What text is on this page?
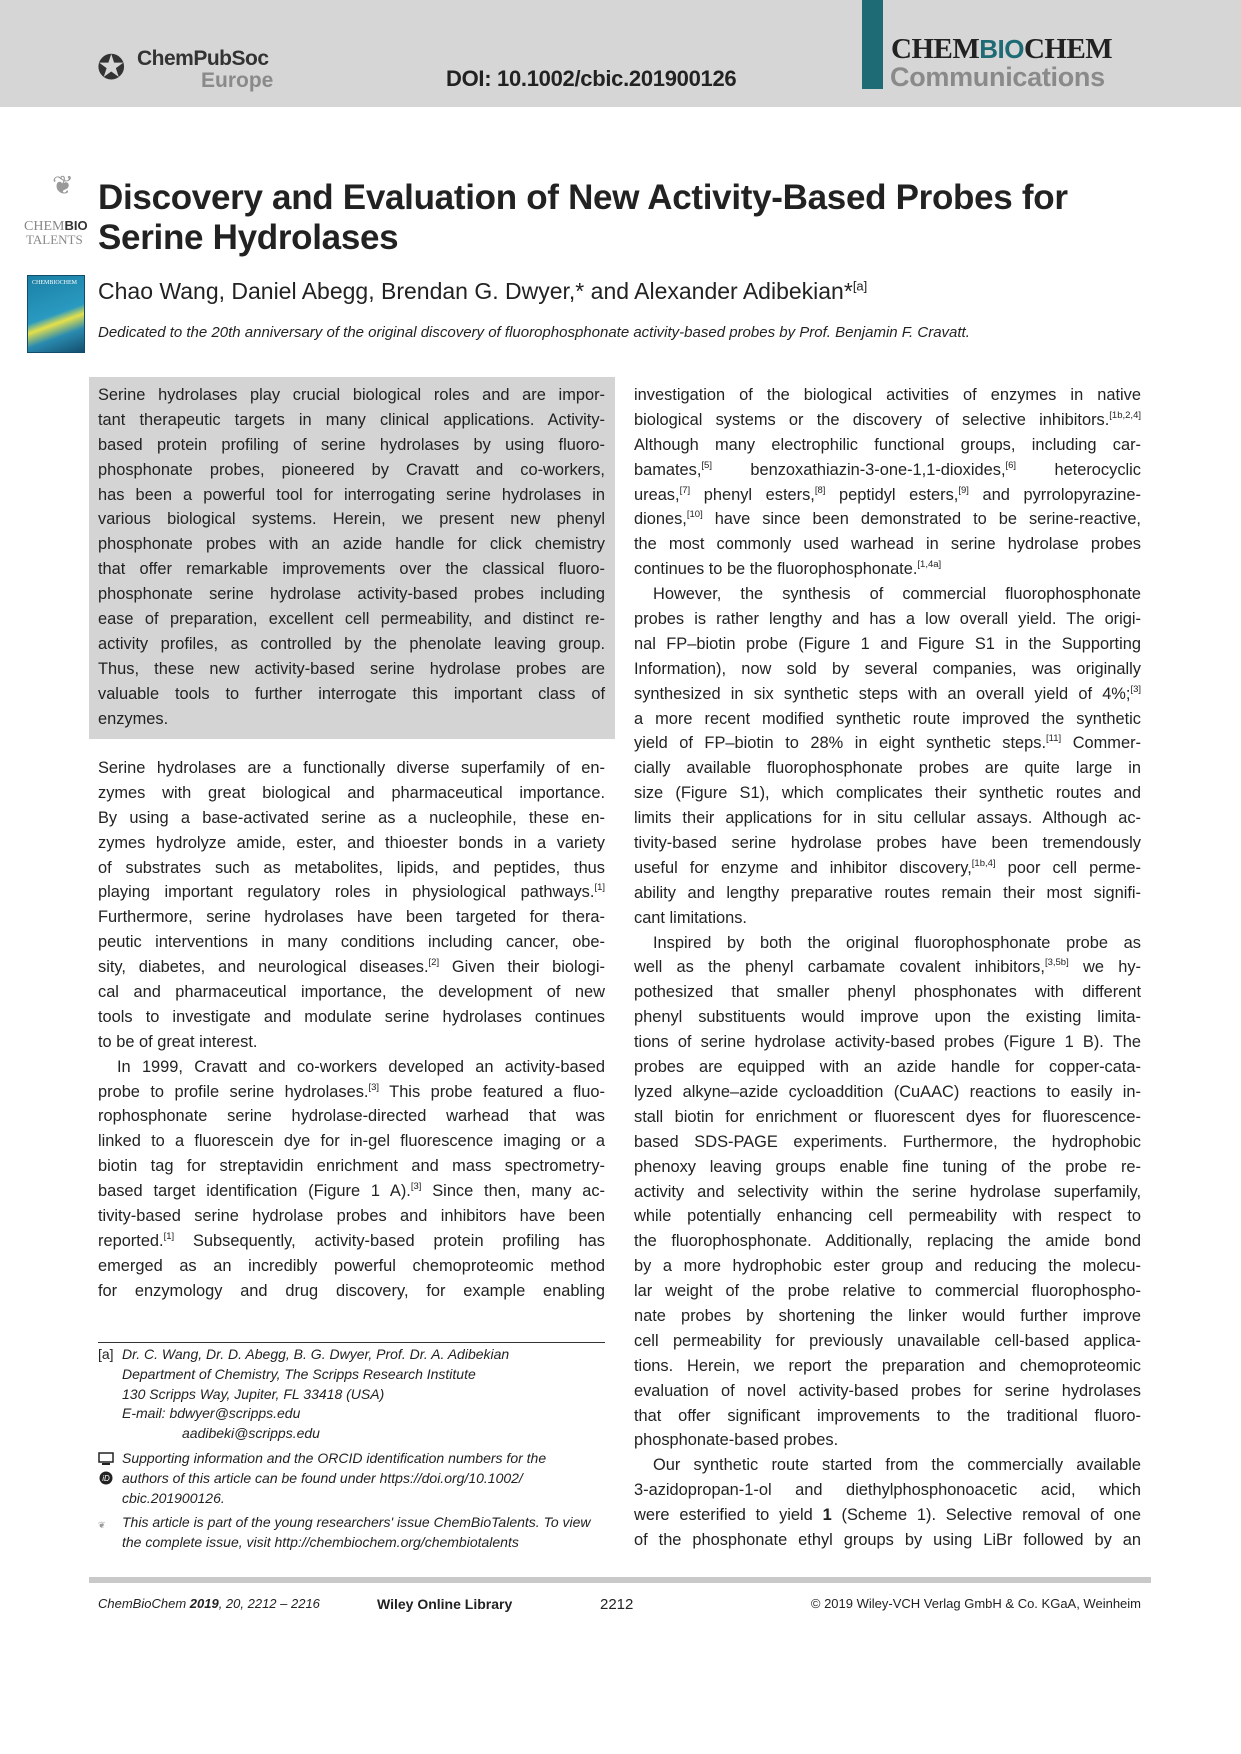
✪ ChemPubSoc
Europe	DOI: 10.1002/cbic.201900126
CHEMBIOCHEM
Communications
❦
CHEMBIO
TALENTS
Discovery and Evaluation of New Activity-Based Probes for
Serine Hydrolases
CHEMBIOCHEM Chao Wang, Daniel Abegg, Brendan G. Dwyer,* and Alexander Adibekian*[a]
Dedicated to the 20th anniversary of the original discovery of fluorophosphonate activity-based probes by Prof. Benjamin F. Cravatt.
Serine hydrolases play crucial biological roles and are impor-
tant therapeutic targets in many clinical applications. Activity-
based protein profiling of serine hydrolases by using fluoro-
phosphonate probes, pioneered by Cravatt and co-workers,
has been a powerful tool for interrogating serine hydrolases in
various biological systems. Herein, we present new phenyl
phosphonate probes with an azide handle for click chemistry
that offer remarkable improvements over the classical fluoro-
phosphonate serine hydrolase activity-based probes including
ease of preparation, excellent cell permeability, and distinct re-
activity profiles, as controlled by the phenolate leaving group.
Thus, these new activity-based serine hydrolase probes are
valuable tools to further interrogate this important class of
enzymes.
Serine hydrolases are a functionally diverse superfamily of en-
zymes with great biological and pharmaceutical importance.
By using a base-activated serine as a nucleophile, these en-
zymes hydrolyze amide, ester, and thioester bonds in a variety
of substrates such as metabolites, lipids, and peptides, thus
playing important regulatory roles in physiological pathways.[1]
Furthermore, serine hydrolases have been targeted for thera-
peutic interventions in many conditions including cancer, obe-
sity, diabetes, and neurological diseases.[2] Given their biologi-
cal and pharmaceutical importance, the development of new
tools to investigate and modulate serine hydrolases continues
to be of great interest.
In 1999, Cravatt and co-workers developed an activity-based
probe to profile serine hydrolases.[3] This probe featured a fluo-
rophosphonate serine hydrolase-directed warhead that was
linked to a fluorescein dye for in-gel fluorescence imaging or a
biotin tag for streptavidin enrichment and mass spectrometry-
based target identification (Figure 1 A).[3] Since then, many ac-
tivity-based serine hydrolase probes and inhibitors have been
reported.[1] Subsequently, activity-based protein profiling has
emerged as an incredibly powerful chemoproteomic method
for enzymology and drug discovery, for example enabling
investigation of the biological activities of enzymes in native
biological systems or the discovery of selective inhibitors.[1b,2,4]
Although many electrophilic functional groups, including car-
bamates,[5] benzoxathiazin-3-one-1,1-dioxides,[6] heterocyclic
ureas,[7] phenyl esters,[8] peptidyl esters,[9] and pyrrolopyrazine-
diones,[10] have since been demonstrated to be serine-reactive,
the most commonly used warhead in serine hydrolase probes
continues to be the fluorophosphonate.[1,4a]
However, the synthesis of commercial fluorophosphonate
probes is rather lengthy and has a low overall yield. The origi-
nal FP–biotin probe (Figure 1 and Figure S1 in the Supporting
Information), now sold by several companies, was originally
synthesized in six synthetic steps with an overall yield of 4%;[3]
a more recent modified synthetic route improved the synthetic
yield of FP–biotin to 28% in eight synthetic steps.[11] Commer-
cially available fluorophosphonate probes are quite large in
size (Figure S1), which complicates their synthetic routes and
limits their applications for in situ cellular assays. Although ac-
tivity-based serine hydrolase probes have been tremendously
useful for enzyme and inhibitor discovery,[1b,4] poor cell perme-
ability and lengthy preparative routes remain their most signifi-
cant limitations.
Inspired by both the original fluorophosphonate probe as
well as the phenyl carbamate covalent inhibitors,[3,5b] we hy-
pothesized that smaller phenyl phosphonates with different
phenyl substituents would improve upon the existing limita-
tions of serine hydrolase activity-based probes (Figure 1 B). The
probes are equipped with an azide handle for copper-cata-
lyzed alkyne–azide cycloaddition (CuAAC) reactions to easily in-
stall biotin for enrichment or fluorescent dyes for fluorescence-
based SDS-PAGE experiments. Furthermore, the hydrophobic
phenoxy leaving groups enable fine tuning of the probe re-
activity and selectivity within the serine hydrolase superfamily,
while potentially enhancing cell permeability with respect to
the fluorophosphonate. Additionally, replacing the amide bond
by a more hydrophobic ester group and reducing the molecu-
lar weight of the probe relative to commercial fluorophospho-
nate probes by shortening the linker would further improve
cell permeability for previously unavailable cell-based applica-
tions. Herein, we report the preparation and chemoproteomic
evaluation of novel activity-based probes for serine hydrolases
that offer significant improvements to the traditional fluoro-
phosphonate-based probes.
Our synthetic route started from the commercially available
3-azidopropan-1-ol and diethylphosphonoacetic acid, which
were esterified to yield 1 (Scheme 1). Selective removal of one
of the phosphonate ethyl groups by using LiBr followed by an
[a] Dr. C. Wang, Dr. D. Abegg, B. G. Dwyer, Prof. Dr. A. Adibekian
Department of Chemistry, The Scripps Research Institute
130 Scripps Way, Jupiter, FL 33418 (USA)
E-mail: bdwyer@scripps.edu
aadibeki@scripps.edu
iD
Supporting information and the ORCID identification numbers for the
authors of this article can be found under https://doi.org/10.1002/
cbic.201900126.
❦	This article is part of the young researchers' issue ChemBioTalents. To view
the complete issue, visit http://chembiochem.org/chembiotalents
ChemBioChem 2019, 20, 2212 – 2216	Wiley Online Library	2212	© 2019 Wiley-VCH Verlag GmbH & Co. KGaA, Weinheim
